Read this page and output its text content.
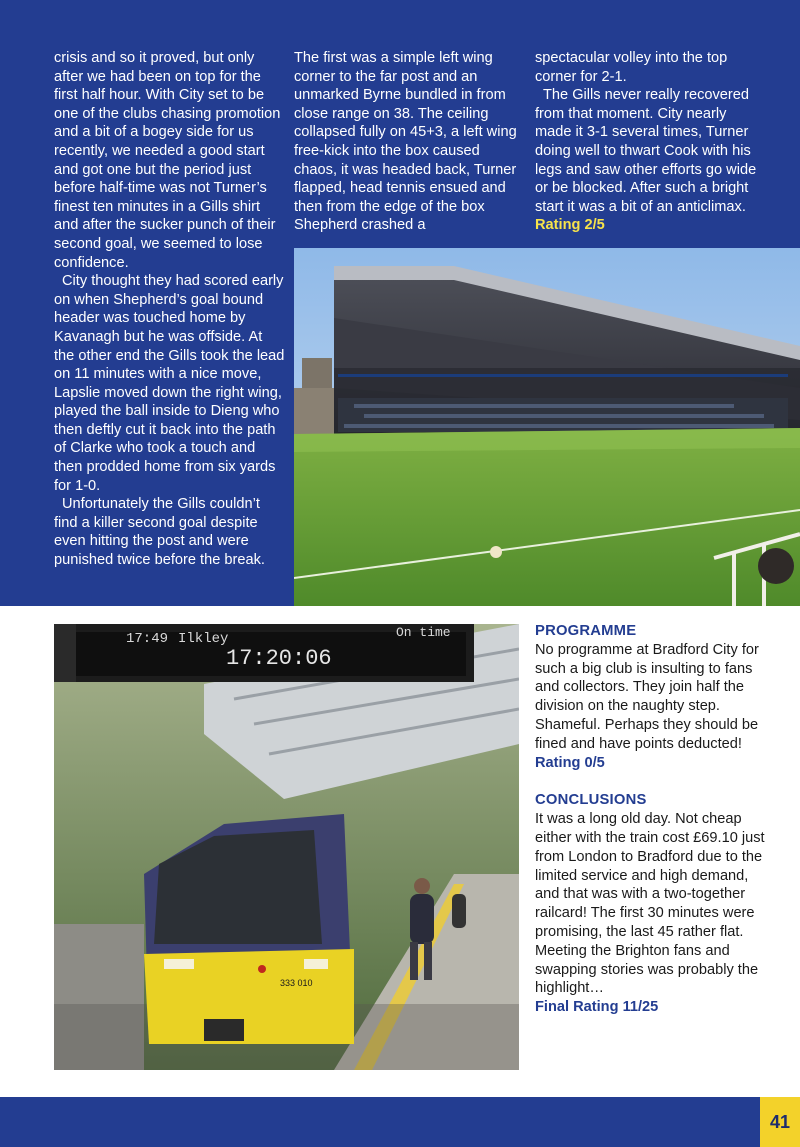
crisis and so it proved, but only after we had been on top for the first half hour. With City set to be one of the clubs chasing promotion and a bit of a bogey side for us recently, we needed a good start and got one but the period just before half-time was not Turner’s finest ten minutes in a Gills shirt and after the sucker punch of their second goal, we seemed to lose confidence.

City thought they had scored early on when Shepherd’s goal bound header was touched home by Kavanagh but he was offside. At the other end the Gills took the lead on 11 minutes with a nice move, Lapslie moved down the right wing, played the ball inside to Dieng who then deftly cut it back into the path of Clarke who took a touch and then prodded home from six yards for 1-0.

Unfortunately the Gills couldn’t find a killer second goal despite even hitting the post and were punished twice before the break.

The first was a simple left wing corner to the far post and an unmarked Byrne bundled in from close range on 38. The ceiling collapsed fully on 45+3, a left wing free-kick into the box caused chaos, it was headed back, Turner flapped, head tennis ensued and then from the edge of the box Shepherd crashed a

spectacular volley into the top corner for 2-1.

The Gills never really recovered from that moment. City nearly made it 3-1 several times, Turner doing well to thwart Cook with his legs and saw other efforts go wide or be blocked. After such a bright start it was a bit of an anticlimax.

Rating 2/5

333 010
17:49 Ilkley	On time
17:20:06
PROGRAMME

No programme at Bradford City for such a big club is insulting to fans and collectors. They join half the division on the naughty step. Shameful. Perhaps they should be fined and have points deducted!

Rating 0/5

CONCLUSIONS

It was a long old day. Not cheap either with the train cost £69.10 just from London to Bradford due to the limited service and high demand, and that was with a two-together railcard! The first 30 minutes were promising, the last 45 rather flat. Meeting the Brighton fans and swapping stories was probably the highlight…

Final Rating 11/25

41
